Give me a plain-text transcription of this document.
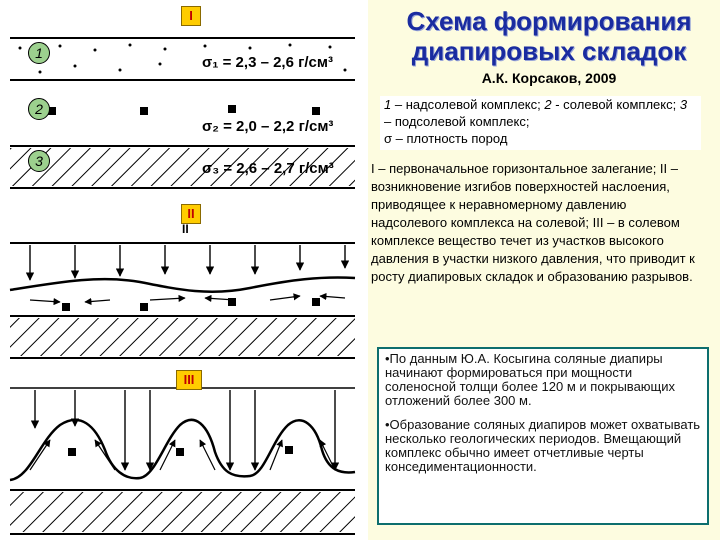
I
II
II
III
1
2
3
σ₁ = 2,3 – 2,6 г/см³
σ₂ = 2,0 – 2,2 г/см³
σ₃ = 2,6 – 2,7 г/см³
Схема формирования диапировых складок
А.К. Корсаков, 2009
1 – надсолевой комплекс; 2 - солевой комплекс; 3 – подсолевой комплекс;
σ – плотность пород
I – первоначальное горизонтальное залегание; II – возникновение изгибов поверхностей наслоения, приводящее к неравномерному давлению надсолевого комплекса на солевой; III – в солевом комплексе вещество течет из участков высокого давления в участки низкого давления, что приводит к росту диапировых складок и образованию разрывов.

•По данным Ю.А. Косыгина соляные диапиры начинают формироваться при мощности соленосной толщи более 120 м и покрывающих отложений более 300 м.

•Образование соляных диапиров может охватывать несколько геологических периодов. Вмещающий комплекс обычно имеет отчетливые черты конседиментационности.
